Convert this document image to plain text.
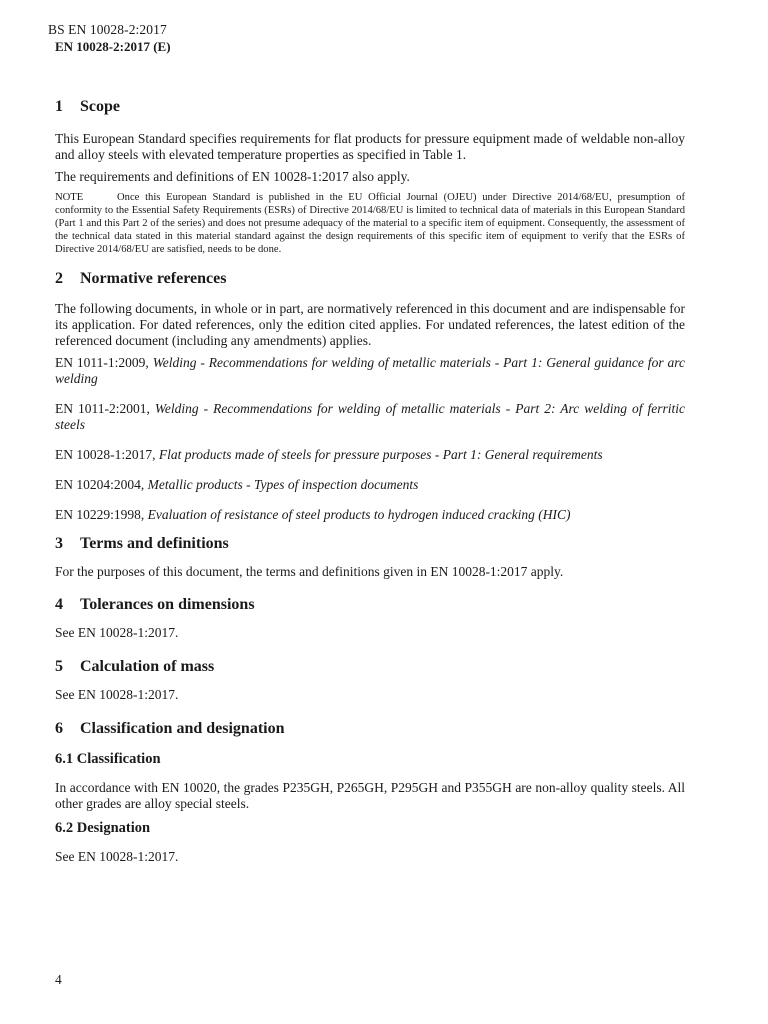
BS EN 10028-2:2017
EN 10028-2:2017 (E)
1 Scope

This European Standard specifies requirements for flat products for pressure equipment made of weldable non-alloy and alloy steels with elevated temperature properties as specified in Table 1.

The requirements and definitions of EN 10028-1:2017 also apply.

NOTE	Once this European Standard is published in the EU Official Journal (OJEU) under Directive 2014/68/EU, presumption of conformity to the Essential Safety Requirements (ESRs) of Directive 2014/68/EU is limited to technical data of materials in this European Standard (Part 1 and this Part 2 of the series) and does not presume adequacy of the material to a specific item of equipment. Consequently, the assessment of the technical data stated in this material standard against the design requirements of this specific item of equipment to verify that the ESRs of Directive 2014/68/EU are satisfied, needs to be done.

2 Normative references

The following documents, in whole or in part, are normatively referenced in this document and are indispensable for its application. For dated references, only the edition cited applies. For undated references, the latest edition of the referenced document (including any amendments) applies.

EN 1011-1:2009, Welding - Recommendations for welding of metallic materials - Part 1: General guidance for arc welding

EN 1011-2:2001, Welding - Recommendations for welding of metallic materials - Part 2: Arc welding of ferritic steels

EN 10028-1:2017, Flat products made of steels for pressure purposes - Part 1: General requirements

EN 10204:2004, Metallic products - Types of inspection documents

EN 10229:1998, Evaluation of resistance of steel products to hydrogen induced cracking (HIC)

3 Terms and definitions

For the purposes of this document, the terms and definitions given in EN 10028-1:2017 apply.

4 Tolerances on dimensions

See EN 10028-1:2017.

5 Calculation of mass

See EN 10028-1:2017.

6 Classification and designation
6.1 Classification

In accordance with EN 10020, the grades P235GH, P265GH, P295GH and P355GH are non-alloy quality steels. All other grades are alloy special steels.

6.2 Designation

See EN 10028-1:2017.

4
